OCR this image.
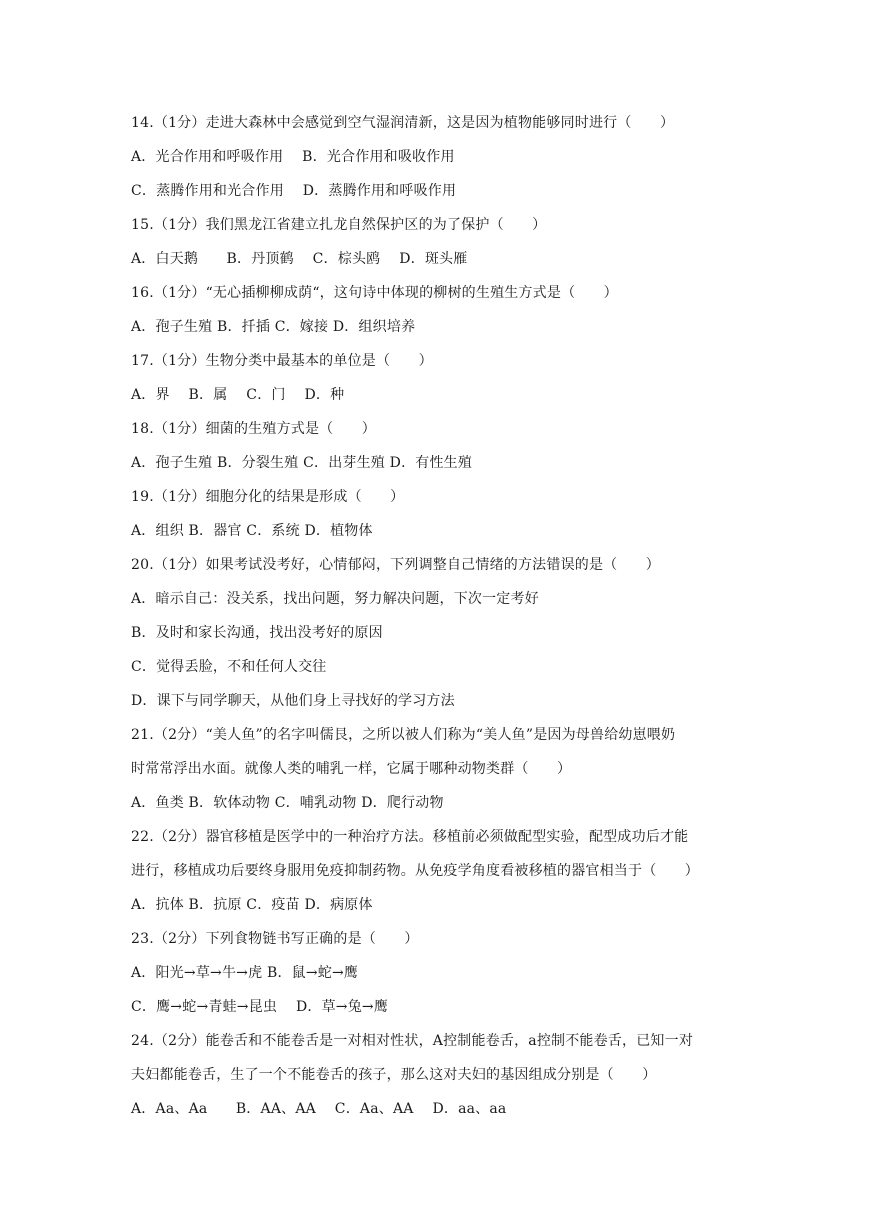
14.（1分）走进大森林中会感觉到空气湿润清新，这是因为植物能够同时进行（　　）
A．光合作用和呼吸作用　 B．光合作用和吸收作用
C．蒸腾作用和光合作用　 D．蒸腾作用和呼吸作用
15.（1分）我们黑龙江省建立扎龙自然保护区的为了保护（　　）
A．白天鹅　　B．丹顶鹤　 C．棕头鸥　 D．斑头雁
16.（1分）“无心插柳柳成荫“，这句诗中体现的柳树的生殖生方式是（　　）
A．孢子生殖 B．扦插 C．嫁接 D．组织培养
17.（1分）生物分类中最基本的单位是（　　）
A．界　 B．属　 C．门　 D．种
18.（1分）细菌的生殖方式是（　　）
A．孢子生殖 B．分裂生殖 C．出芽生殖 D．有性生殖
19.（1分）细胞分化的结果是形成（　　）
A．组织 B．器官 C．系统 D．植物体
20.（1分）如果考试没考好，心情郁闷，下列调整自己情绪的方法错误的是（　　）
A．暗示自己：没关系，找出问题，努力解决问题，下次一定考好
B．及时和家长沟通，找出没考好的原因
C．觉得丢脸，不和任何人交往
D．课下与同学聊天，从他们身上寻找好的学习方法
21.（2分）“美人鱼”的名字叫儒艮，之所以被人们称为“美人鱼”是因为母兽给幼崽喂奶
时常常浮出水面。就像人类的哺乳一样，它属于哪种动物类群（　　）
A．鱼类 B．软体动物 C．哺乳动物 D．爬行动物
22.（2分）器官移植是医学中的一种治疗方法。移植前必须做配型实验，配型成功后才能
进行，移植成功后要终身服用免疫抑制药物。从免疫学角度看被移植的器官相当于（　　）
A．抗体 B．抗原 C．疫苗 D．病原体
23.（2分）下列食物链书写正确的是（　　）
A．阳光→草→牛→虎 B．鼠→蛇→鹰
C．鹰→蛇→青蛙→昆虫　 D．草→兔→鹰
24.（2分）能卷舌和不能卷舌是一对相对性状，A控制能卷舌，a控制不能卷舌，已知一对
夫妇都能卷舌，生了一个不能卷舌的孩子，那么这对夫妇的基因组成分别是（　　）
A．Aa、Aa　　B．AA、AA　 C．Aa、AA　 D．aa、aa
